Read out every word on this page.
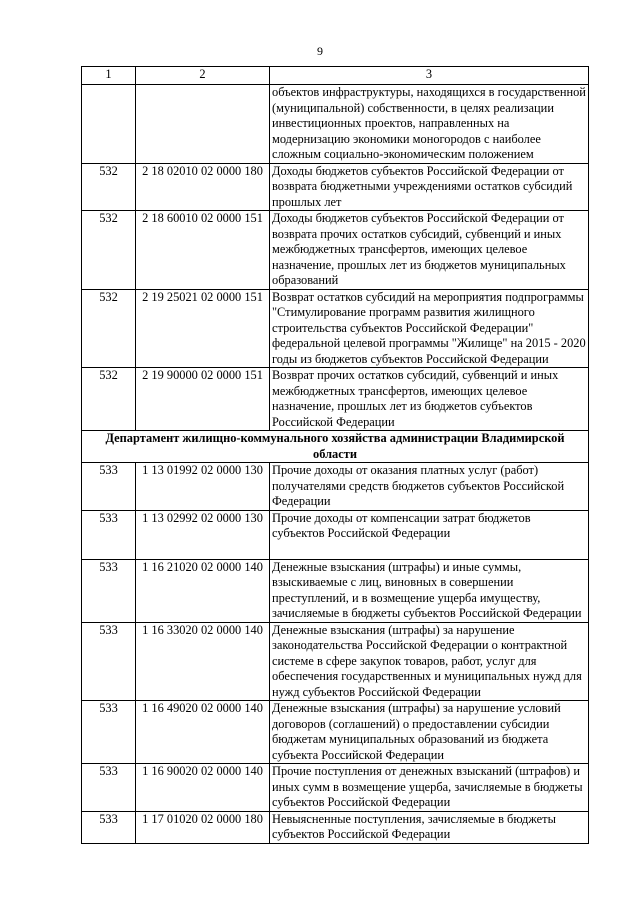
9
1	2	3
		объектов инфраструктуры, находящихся в государственной (муниципальной) собственности, в целях реализации инвестиционных проектов, направленных на модернизацию экономики моногородов с наиболее сложным социально-экономическим положением
532	2 18 02010 02 0000 180	Доходы бюджетов субъектов Российской Федерации от возврата бюджетными учреждениями остатков субсидий прошлых лет
532	2 18 60010 02 0000 151	Доходы бюджетов субъектов Российской Федерации от возврата прочих остатков субсидий, субвенций и иных межбюджетных трансфертов, имеющих целевое назначение, прошлых лет из бюджетов муниципальных образований
532	2 19 25021 02 0000 151	Возврат остатков субсидий на мероприятия подпрограммы "Стимулирование программ развития жилищного строительства субъектов Российской Федерации" федеральной целевой программы "Жилище" на 2015 - 2020 годы из бюджетов субъектов Российской Федерации
532	2 19 90000 02 0000 151	Возврат прочих остатков субсидий, субвенций и иных межбюджетных трансфертов, имеющих целевое назначение, прошлых лет из бюджетов субъектов Российской Федерации
Департамент жилищно-коммунального хозяйства администрации Владимирской области		
533	1 13 01992 02 0000 130	Прочие доходы от оказания платных услуг (работ) получателями средств бюджетов субъектов Российской Федерации
533	1 13 02992 02 0000 130	Прочие доходы от компенсации затрат бюджетов субъектов Российской Федерации
533	1 16 21020 02 0000 140	Денежные взыскания (штрафы) и иные суммы, взыскиваемые с лиц, виновных в совершении преступлений, и в возмещение ущерба имуществу, зачисляемые в бюджеты субъектов Российской Федерации
533	1 16 33020 02 0000 140	Денежные взыскания (штрафы) за нарушение законодательства Российской Федерации о контрактной системе в сфере закупок товаров, работ, услуг для обеспечения государственных и муниципальных нужд для нужд субъектов Российской Федерации
533	1 16 49020 02 0000 140	Денежные взыскания (штрафы) за нарушение условий договоров (соглашений) о предоставлении субсидии бюджетам муниципальных образований из бюджета субъекта Российской Федерации
533	1 16 90020 02 0000 140	Прочие поступления от денежных взысканий (штрафов) и иных сумм в возмещение ущерба, зачисляемые в бюджеты субъектов Российской Федерации
533	1 17 01020 02 0000 180	Невыясненные поступления, зачисляемые в бюджеты субъектов Российской Федерации
